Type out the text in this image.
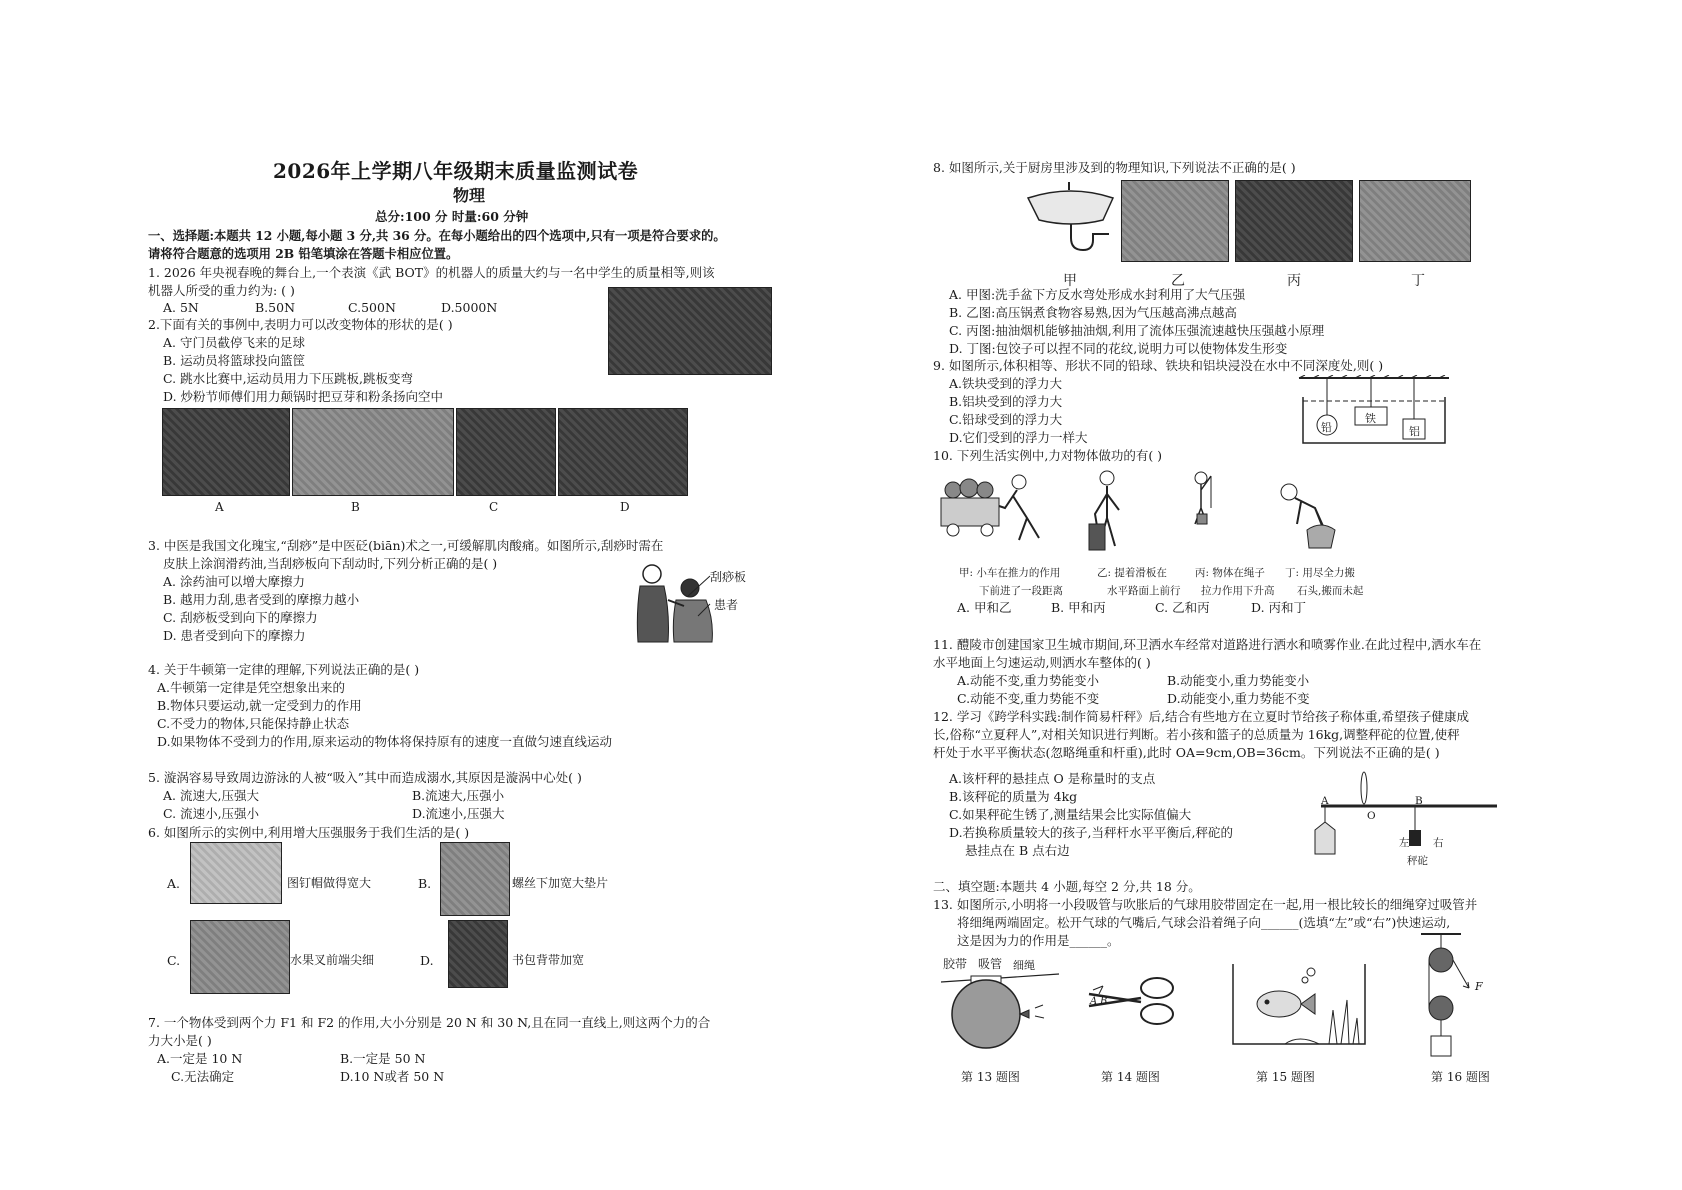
2026年上学期八年级期末质量监测试卷
物理
总分:100 分 时量:60 分钟
一、选择题:本题共 12 小题,每小题 3 分,共 36 分。在每小题给出的四个选项中,只有一项是符合要求的。
请将符合题意的选项用 2B 铅笔填涂在答题卡相应位置。
1. 2026 年央视春晚的舞台上,一个表演《武 BOT》的机器人的质量大约与一名中学生的质量相等,则该
机器人所受的重力约为: ( )
A. 5N	B.50N	C.500N	D.5000N
2.下面有关的事例中,表明力可以改变物体的形状的是( )
A. 守门员截停飞来的足球
B. 运动员将篮球投向篮筐
C. 跳水比赛中,运动员用力下压跳板,跳板变弯
D. 炒粉节师傅们用力颠锅时把豆芽和粉条扬向空中
A	B	C	D
3. 中医是我国文化瑰宝,“刮痧”是中医砭(biān)术之一,可缓解肌肉酸痛。如图所示,刮痧时需在
皮肤上涂润滑药油,当刮痧板向下刮动时,下列分析正确的是( )
A. 涂药油可以增大摩擦力
B. 越用力刮,患者受到的摩擦力越小
C. 刮痧板受到向下的摩擦力
D. 患者受到向下的摩擦力
刮痧板
患者
4. 关于牛顿第一定律的理解,下列说法正确的是( )
A.牛顿第一定律是凭空想象出来的
B.物体只要运动,就一定受到力的作用
C.不受力的物体,只能保持静止状态
D.如果物体不受到力的作用,原来运动的物体将保持原有的速度一直做匀速直线运动
5. 漩涡容易导致周边游泳的人被“吸入”其中而造成溺水,其原因是漩涡中心处( )
A. 流速大,压强大	B.流速大,压强小
C. 流速小,压强小	D.流速小,压强大
6. 如图所示的实例中,利用增大压强服务于我们生活的是( )
A.	图钉帽做得宽大	B.	螺丝下加宽大垫片
C.	水果叉前端尖细	D.	书包背带加宽
7. 一个物体受到两个力 F1 和 F2 的作用,大小分别是 20 N 和 30 N,且在同一直线上,则这两个力的合
力大小是( )
A.一定是 10 N	B.一定是 50 N
C.无法确定	D.10 N或者 50 N
8. 如图所示,关于厨房里涉及到的物理知识,下列说法不正确的是( )
甲	乙	丙	丁
A. 甲图:洗手盆下方反水弯处形成水封利用了大气压强
B. 乙图:高压锅煮食物容易熟,因为气压越高沸点越高
C. 丙图:抽油烟机能够抽油烟,利用了流体压强流速越快压强越小原理
D. 丁图:包饺子可以捏不同的花纹,说明力可以使物体发生形变
9. 如图所示,体积相等、形状不同的铅球、铁块和铝块浸没在水中不同深度处,则( )
A.铁块受到的浮力大
B.铝块受到的浮力大
C.铅球受到的浮力大
D.它们受到的浮力一样大
铅
铁
铝
10. 下列生活实例中,力对物体做功的有( )
甲: 小车在推力的作用	乙: 提着滑板在	丙: 物体在绳子 丁: 用尽全力搬
下前进了一段距离	水平路面上前行 拉力作用下升高 石头,搬而未起
A. 甲和乙	B. 甲和丙	C. 乙和丙	D. 丙和丁
11. 醴陵市创建国家卫生城市期间,环卫洒水车经常对道路进行洒水和喷雾作业.在此过程中,洒水车在
水平地面上匀速运动,则洒水车整体的( )
A.动能不变,重力势能变小	B.动能变小,重力势能变小
C.动能不变,重力势能不变	D.动能变小,重力势能不变
12. 学习《跨学科实践:制作简易杆秤》后,结合有些地方在立夏时节给孩子称体重,希望孩子健康成
长,俗称“立夏秤人”,对相关知识进行判断。若小孩和篮子的总质量为 16kg,调整秤砣的位置,使秤
杆处于水平平衡状态(忽略绳重和杆重),此时 OA=9cm,OB=36cm。下列说法不正确的是( )
A.该杆秤的悬挂点 O 是称量时的支点
B.该秤砣的质量为 4kg
C.如果秤砣生锈了,测量结果会比实际值偏大
D.若换称质量较大的孩子,当秤杆水平平衡后,秤砣的
悬挂点在 B 点右边
A
O
B
左 右
秤砣
二、填空题:本题共 4 小题,每空 2 分,共 18 分。
13. 如图所示,小明将一小段吸管与吹胀后的气球用胶带固定在一起,用一根比较长的细绳穿过吸管并
将细绳两端固定。松开气球的气嘴后,气球会沿着绳子向______(选填“左”或“右”)快速运动,
这是因为力的作用是______。
胶带 吸管 细绳
A B
F
第 13 题图	第 14 题图	第 15 题图	第 16 题图
